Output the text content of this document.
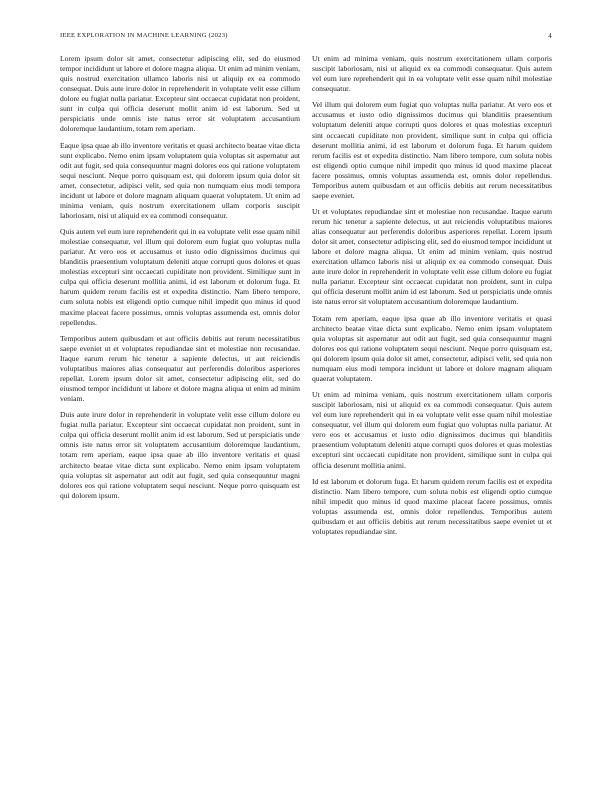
IEEE EXPLORATION IN MACHINE LEARNING (2023)	4

Lorem ipsum dolor sit amet, consectetur adipiscing elit, sed do eiusmod tempor incididunt ut labore et dolore magna aliqua. Ut enim ad minim veniam, quis nostrud exercitation ullamco laboris nisi ut aliquip ex ea commodo consequat. Duis aute irure dolor in reprehenderit in voluptate velit esse cillum dolore eu fugiat nulla pariatur. Excepteur sint occaecat cupidatat non proident, sunt in culpa qui officia deserunt mollit anim id est laborum. Sed ut perspiciatis unde omnis iste natus error sit voluptatem accusantium doloremque laudantium, totam rem aperiam.

Eaque ipsa quae ab illo inventore veritatis et quasi architecto beatae vitae dicta sunt explicabo. Nemo enim ipsam voluptatem quia voluptas sit aspernatur aut odit aut fugit, sed quia consequuntur magni dolores eos qui ratione voluptatem sequi nesciunt. Neque porro quisquam est, qui dolorem ipsum quia dolor sit amet, consectetur, adipisci velit, sed quia non numquam eius modi tempora incidunt ut labore et dolore magnam aliquam quaerat voluptatem. Ut enim ad minima veniam, quis nostrum exercitationem ullam corporis suscipit laboriosam, nisi ut aliquid ex ea commodi consequatur.

Quis autem vel eum iure reprehenderit qui in ea voluptate velit esse quam nihil molestiae consequatur, vel illum qui dolorem eum fugiat quo voluptas nulla pariatur. At vero eos et accusamus et iusto odio dignissimos ducimus qui blanditiis praesentium voluptatum deleniti atque corrupti quos dolores et quas molestias excepturi sint occaecati cupiditate non provident. Similique sunt in culpa qui officia deserunt mollitia animi, id est laborum et dolorum fuga. Et harum quidem rerum facilis est et expedita distinctio. Nam libero tempore, cum soluta nobis est eligendi optio cumque nihil impedit quo minus id quod maxime placeat facere possimus, omnis voluptas assumenda est, omnis dolor repellendus.

Temporibus autem quibusdam et aut officiis debitis aut rerum necessitatibus saepe eveniet ut et voluptates repudiandae sint et molestiae non recusandae. Itaque earum rerum hic tenetur a sapiente delectus, ut aut reiciendis voluptatibus maiores alias consequatur aut perferendis doloribus asperiores repellat. Lorem ipsum dolor sit amet, consectetur adipiscing elit, sed do eiusmod tempor incididunt ut labore et dolore magna aliqua ut enim ad minim veniam.

Duis aute irure dolor in reprehenderit in voluptate velit esse cillum dolore eu fugiat nulla pariatur. Excepteur sint occaecat cupidatat non proident, sunt in culpa qui officia deserunt mollit anim id est laborum. Sed ut perspiciatis unde omnis iste natus error sit voluptatem accusantium doloremque laudantium, totam rem aperiam, eaque ipsa quae ab illo inventore veritatis et quasi architecto beatae vitae dicta sunt explicabo. Nemo enim ipsam voluptatem quia voluptas sit aspernatur aut odit aut fugit, sed quia consequuntur magni dolores eos qui ratione voluptatem sequi nesciunt. Neque porro quisquam est qui dolorem ipsum.

Ut enim ad minima veniam, quis nostrum exercitationem ullam corporis suscipit laboriosam, nisi ut aliquid ex ea commodi consequatur. Quis autem vel eum iure reprehenderit qui in ea voluptate velit esse quam nihil molestiae consequatur.

Vel illum qui dolorem eum fugiat quo voluptas nulla pariatur. At vero eos et accusamus et iusto odio dignissimos ducimus qui blanditiis praesentium voluptatum deleniti atque corrupti quos dolores et quas molestias excepturi sint occaecati cupiditate non provident, similique sunt in culpa qui officia deserunt mollitia animi, id est laborum et dolorum fuga. Et harum quidem rerum facilis est et expedita distinctio. Nam libero tempore, cum soluta nobis est eligendi optio cumque nihil impedit quo minus id quod maxime placeat facere possimus, omnis voluptas assumenda est, omnis dolor repellendus. Temporibus autem quibusdam et aut officiis debitis aut rerum necessitatibus saepe eveniet.

Ut et voluptates repudiandae sint et molestiae non recusandae. Itaque earum rerum hic tenetur a sapiente delectus, ut aut reiciendis voluptatibus maiores alias consequatur aut perferendis doloribus asperiores repellat. Lorem ipsum dolor sit amet, consectetur adipiscing elit, sed do eiusmod tempor incididunt ut labore et dolore magna aliqua. Ut enim ad minim veniam, quis nostrud exercitation ullamco laboris nisi ut aliquip ex ea commodo consequat. Duis aute irure dolor in reprehenderit in voluptate velit esse cillum dolore eu fugiat nulla pariatur. Excepteur sint occaecat cupidatat non proident, sunt in culpa qui officia deserunt mollit anim id est laborum. Sed ut perspiciatis unde omnis iste natus error sit voluptatem accusantium doloremque laudantium.

Totam rem aperiam, eaque ipsa quae ab illo inventore veritatis et quasi architecto beatae vitae dicta sunt explicabo. Nemo enim ipsam voluptatem quia voluptas sit aspernatur aut odit aut fugit, sed quia consequuntur magni dolores eos qui ratione voluptatem sequi nesciunt. Neque porro quisquam est, qui dolorem ipsum quia dolor sit amet, consectetur, adipisci velit, sed quia non numquam eius modi tempora incidunt ut labore et dolore magnam aliquam quaerat voluptatem.

Ut enim ad minima veniam, quis nostrum exercitationem ullam corporis suscipit laboriosam, nisi ut aliquid ex ea commodi consequatur. Quis autem vel eum iure reprehenderit qui in ea voluptate velit esse quam nihil molestiae consequatur, vel illum qui dolorem eum fugiat quo voluptas nulla pariatur. At vero eos et accusamus et iusto odio dignissimos ducimus qui blanditiis praesentium voluptatum deleniti atque corrupti quos dolores et quas molestias excepturi sint occaecati cupiditate non provident, similique sunt in culpa qui officia deserunt mollitia animi.

Id est laborum et dolorum fuga. Et harum quidem rerum facilis est et expedita distinctio. Nam libero tempore, cum soluta nobis est eligendi optio cumque nihil impedit quo minus id quod maxime placeat facere possimus, omnis voluptas assumenda est, omnis dolor repellendus. Temporibus autem quibusdam et aut officiis debitis aut rerum necessitatibus saepe eveniet ut et voluptates repudiandae sint.
